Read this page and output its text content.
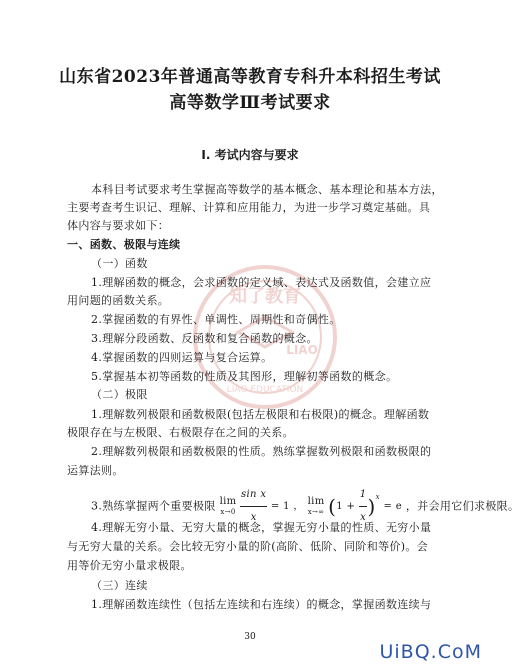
知了教育
LIAO
LIAO EDUCATION
山东省2023年普通高等教育专科升本科招生考试
高等数学Ⅲ考试要求
Ⅰ. 考试内容与要求
本科目考试要求考生掌握高等数学的基本概念、基本理论和基本方法，
主要考查考生识记、理解、计算和应用能力，为进一步学习奠定基础。具
体内容与要求如下：
一、函数、极限与连续
（一）函数
1.理解函数的概念，会求函数的定义域、表达式及函数值，会建立应
用问题的函数关系。
2.掌握函数的有界性、单调性、周期性和奇偶性。
3.理解分段函数、反函数和复合函数的概念。
4.掌握函数的四则运算与复合运算。
5.掌握基本初等函数的性质及其图形，理解初等函数的概念。
（二）极限
1.理解数列极限和函数极限(包括左极限和右极限)的概念。理解函数
极限存在与左极限、右极限存在之间的关系。
2.理解数列极限和函数极限的性质。熟练掌握数列极限和函数极限的
运算法则。
3.熟练掌握两个重要极限 lim
x→0
$\frac{\text{sin x}}{x} = 1$ ， lim
x→∞ $(1 + \frac{1}{x} )^x = e$ ，并会用它们求极限。
4.理解无穷小量、无穷大量的概念，掌握无穷小量的性质、无穷小量
与无穷大量的关系。会比较无穷小量的阶(高阶、低阶、同阶和等价)。会
用等价无穷小量求极限。
（三）连续
1.理解函数连续性（包括左连续和右连续）的概念，掌握函数连续与
30
UiBQ.CoM
